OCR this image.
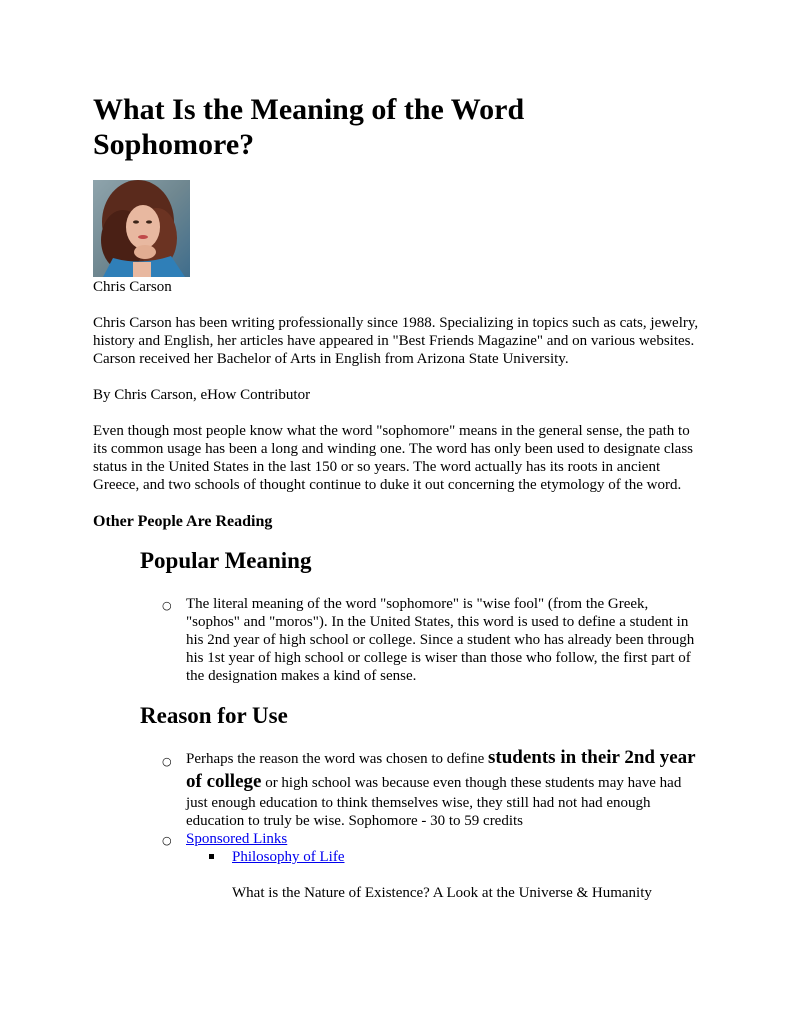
What Is the Meaning of the Word Sophomore?

Chris Carson

Chris Carson has been writing professionally since 1988. Specializing in topics such as cats, jewelry, history and English, her articles have appeared in "Best Friends Magazine" and on various websites. Carson received her Bachelor of Arts in English from Arizona State University.

By Chris Carson, eHow Contributor

Even though most people know what the word "sophomore" means in the general sense, the path to its common usage has been a long and winding one. The word has only been used to designate class status in the United States in the last 150 or so years. The word actually has its roots in ancient Greece, and two schools of thought continue to duke it out concerning the etymology of the word.

Other People Are Reading
Popular Meaning
○ The literal meaning of the word "sophomore" is "wise fool" (from the Greek, "sophos" and "moros"). In the United States, this word is used to define a student in his 2nd year of high school or college. Since a student who has already been through his 1st year of high school or college is wiser than those who follow, the first part of the designation makes a kind of sense.

Reason for Use
○ Perhaps the reason the word was chosen to define students in their 2nd year of college or high school was because even though these students may have had just enough education to think themselves wise, they still had not had enough education to truly be wise. Sophomore - 30 to 59 credits

○ Sponsored Links
Philosophy of Life

What is the Nature of Existence? A Look at the Universe & Humanity
